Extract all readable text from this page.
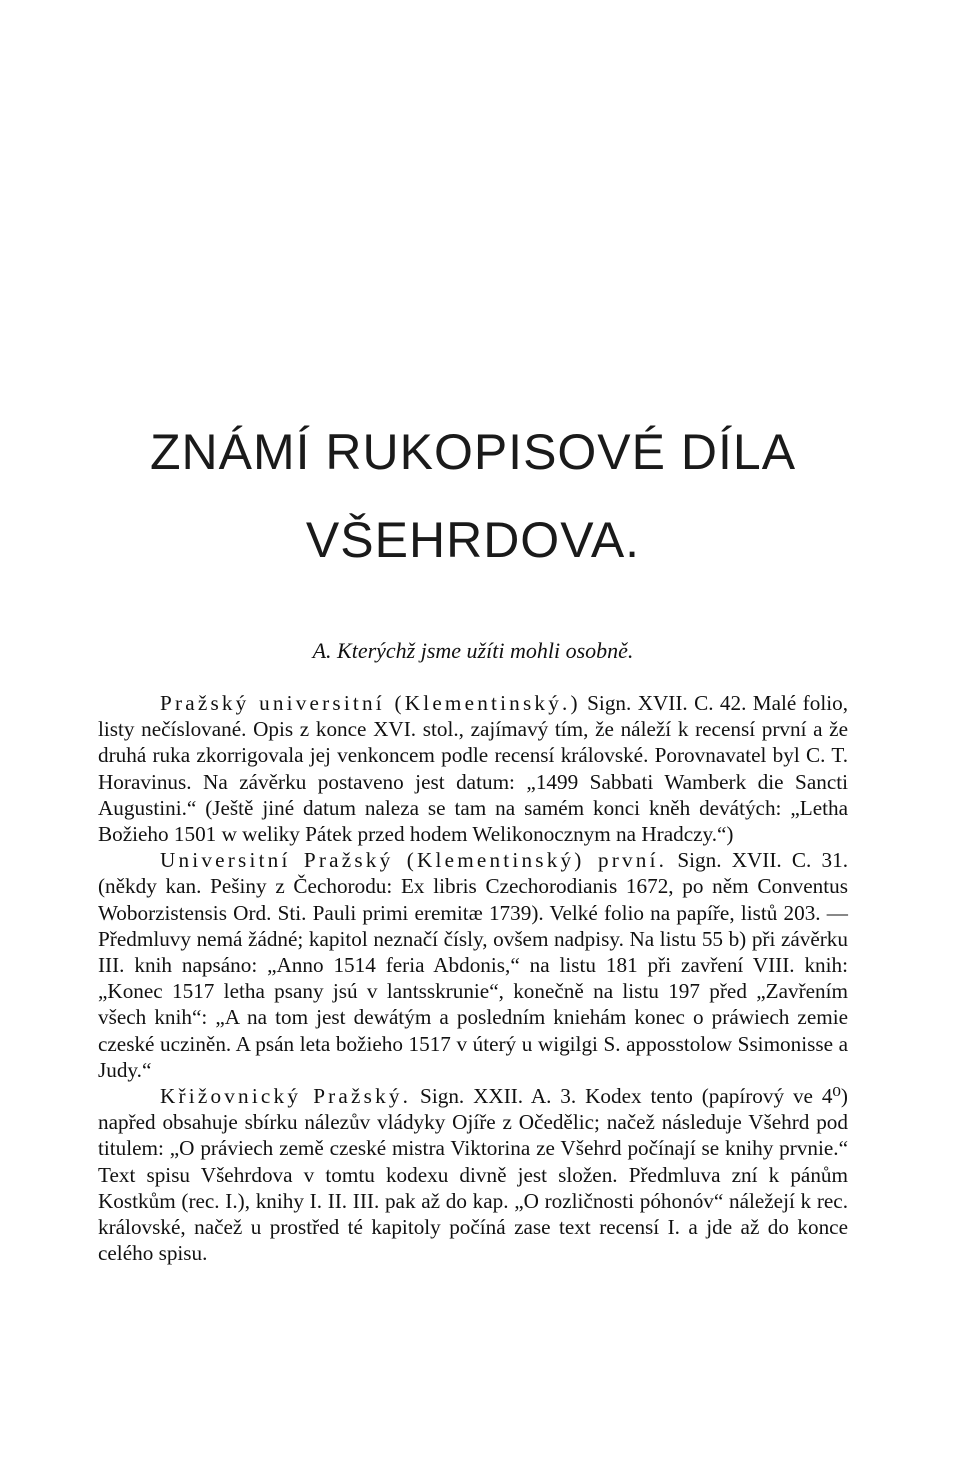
ZNÁMÍ RUKOPISOVÉ DÍLA
VŠEHRDOVA.
A. Kterýchž jsme užíti mohli osobně.

Pražský universitní (Klementinský.) Sign. XVII. C. 42. Malé folio, listy nečíslované. Opis z konce XVI. stol., zajímavý tím, že náleží k recensí první a že druhá ruka zkorrigovala jej venkoncem podle recensí královské. Porovnavatel byl C. T. Horavinus. Na závěrku postaveno jest datum: „1499 Sabbati Wamberk die Sancti Augustini.“ (Ještě jiné datum naleza se tam na samém konci kněh devátých: „Letha Božieho 1501 w weliky Pátek przed hodem Welikonocznym na Hradczy.“)

Universitní Pražský (Klementinský) první. Sign. XVII. C. 31. (někdy kan. Pešiny z Čechorodu: Ex libris Czechorodianis 1672, po něm Conventus Woborzistensis Ord. Sti. Pauli primi eremitæ 1739). Velké folio na papíře, listů 203. — Předmluvy nemá žádné; kapitol neznačí čísly, ovšem nadpisy. Na listu 55 b) při závěrku III. knih napsáno: „Anno 1514 feria Abdonis,“ na listu 181 při zavření VIII. knih: „Konec 1517 letha psany jsú v lantsskrunie“, konečně na listu 197 před „Zavřením všech knih“: „A na tom jest dewátým a posledním kniehám konec o práwiech zemie czeské ucziněn. A psán leta božieho 1517 v úterý u wigilgi S. apposstolow Ssimonisse a Judy.“

Křižovnický Pražský. Sign. XXII. A. 3. Kodex tento (papírový ve 4⁰) napřed obsahuje sbírku nálezův vládyky Ojíře z Očedělic; načež následuje Všehrd pod titulem: „O práviech země czeské mistra Viktorina ze Všehrd počínají se knihy prvnie.“ Text spisu Všehrdova v tomtu kodexu divně jest složen. Předmluva zní k pánům Kostkům (rec. I.), knihy I. II. III. pak až do kap. „O rozličnosti póhonóv“ náležejí k rec. královské, načež u prostřed té kapitoly počíná zase text recensí I. a jde až do konce celého spisu.
